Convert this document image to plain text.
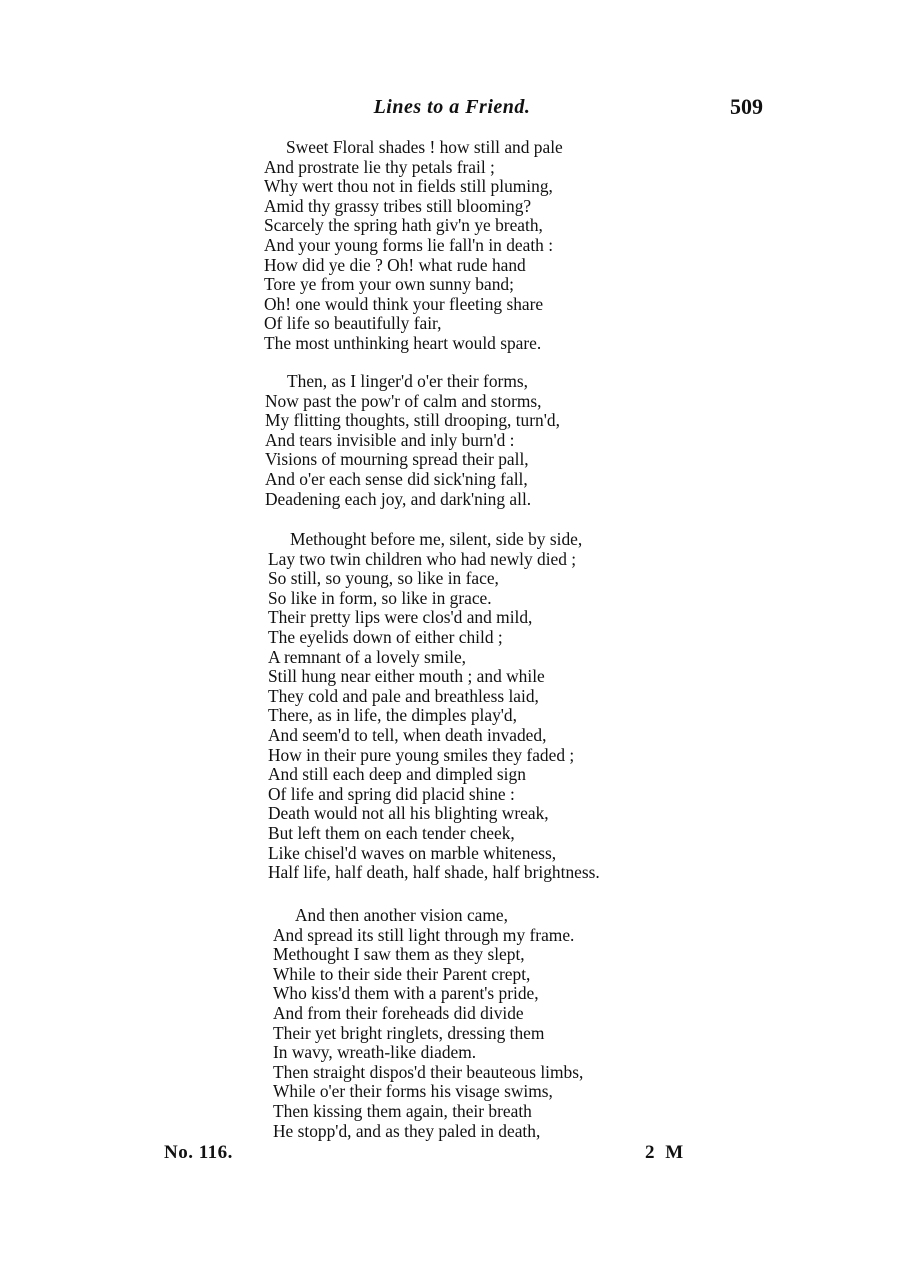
Lines to a Friend.	509
Sweet Floral shades ! how still and pale
And prostrate lie thy petals frail ;
Why wert thou not in fields still pluming,
Amid thy grassy tribes still blooming?
Scarcely the spring hath giv'n ye breath,
And your young forms lie fall'n in death :
How did ye die ? Oh! what rude hand
Tore ye from your own sunny band;
Oh! one would think your fleeting share
Of life so beautifully fair,
The most unthinking heart would spare.
Then, as I linger'd o'er their forms,
Now past the pow'r of calm and storms,
My flitting thoughts, still drooping, turn'd,
And tears invisible and inly burn'd :
Visions of mourning spread their pall,
And o'er each sense did sick'ning fall,
Deadening each joy, and dark'ning all.
Methought before me, silent, side by side,
Lay two twin children who had newly died ;
So still, so young, so like in face,
So like in form, so like in grace.
Their pretty lips were clos'd and mild,
The eyelids down of either child ;
A remnant of a lovely smile,
Still hung near either mouth ; and while
They cold and pale and breathless laid,
There, as in life, the dimples play'd,
And seem'd to tell, when death invaded,
How in their pure young smiles they faded ;
And still each deep and dimpled sign
Of life and spring did placid shine :
Death would not all his blighting wreak,
But left them on each tender cheek,
Like chisel'd waves on marble whiteness,
Half life, half death, half shade, half brightness.
And then another vision came,
And spread its still light through my frame.
Methought I saw them as they slept,
While to their side their Parent crept,
Who kiss'd them with a parent's pride,
And from their foreheads did divide
Their yet bright ringlets, dressing them
In wavy, wreath-like diadem.
Then straight dispos'd their beauteous limbs,
While o'er their forms his visage swims,
Then kissing them again, their breath
He stopp'd, and as they paled in death,
No. 116.	2 M
